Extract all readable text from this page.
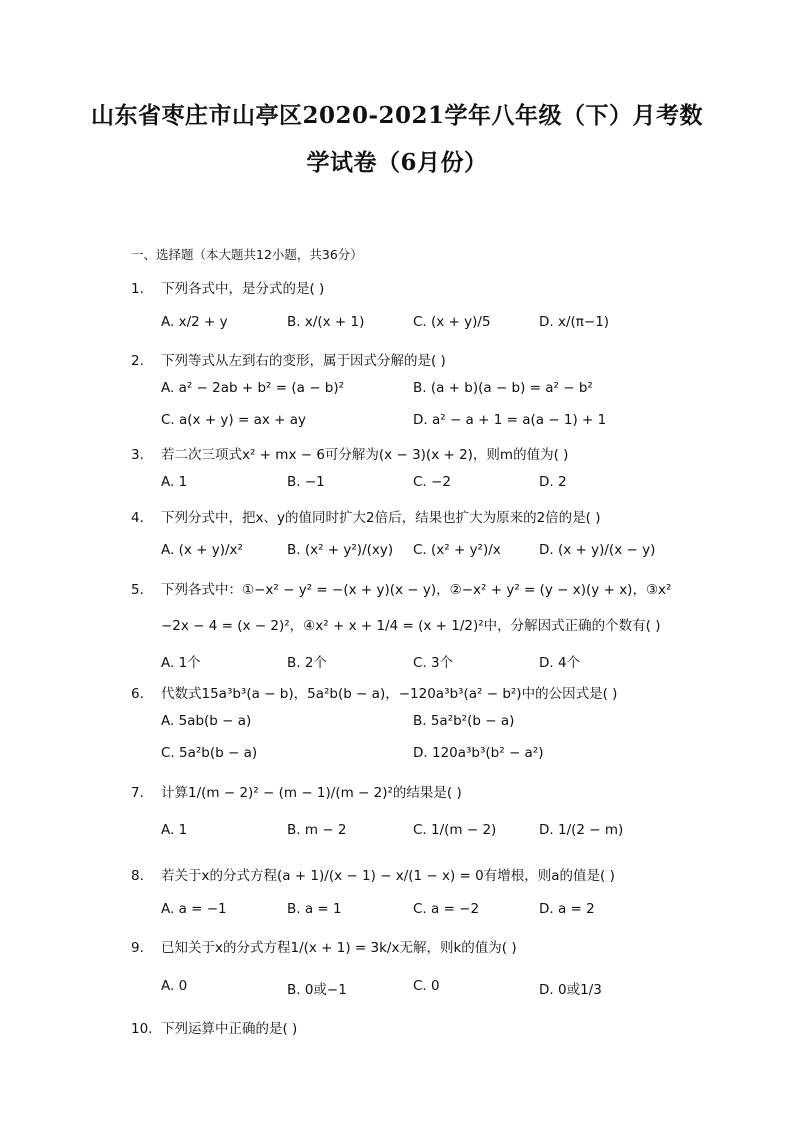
山东省枣庄市山亭区2020-2021学年八年级（下）月考数
学试卷（6月份）
一、选择题（本大题共12小题，共36分）
1. 下列各式中，是分式的是( )
A. x/2 + y	B. x/(x + 1)	C. (x + y)/5	D. x/(π−1)
2. 下列等式从左到右的变形，属于因式分解的是( )
A. a² − 2ab + b² = (a − b)²	B. (a + b)(a − b) = a² − b²
C. a(x + y) = ax + ay	D. a² − a + 1 = a(a − 1) + 1
3. 若二次三项式x² + mx − 6可分解为(x − 3)(x + 2)，则m的值为( )
A. 1	B. −1	C. −2	D. 2
4. 下列分式中，把x、y的值同时扩大2倍后，结果也扩大为原来的2倍的是( )
A. (x + y)/x²	B. (x² + y²)/(xy) C. (x² + y²)/x	D. (x + y)/(x − y)
5. 下列各式中：①−x² − y² = −(x + y)(x − y)，②−x² + y² = (y − x)(y + x)，③x²
−2x − 4 = (x − 2)²，④x² + x + 1/4 = (x + 1/2)²中，分解因式正确的个数有( )
A. 1个	B. 2个	C. 3个	D. 4个
6. 代数式15a³b³(a − b)，5a²b(b − a)，−120a³b³(a² − b²)中的公因式是( )
A. 5ab(b − a)	B. 5a²b²(b − a)
C. 5a²b(b − a)	D. 120a³b³(b² − a²)
7. 计算1/(m − 2)² − (m − 1)/(m − 2)²的结果是( )
A. 1	B. m − 2	C. 1/(m − 2)	D. 1/(2 − m)
8. 若关于x的分式方程(a + 1)/(x − 1) − x/(1 − x) = 0有增根，则a的值是( )
A. a = −1	B. a = 1	C. a = −2	D. a = 2
9. 已知关于x的分式方程1/(x + 1) = 3k/x无解，则k的值为( )
A. 0	B. 0或−1	C. 0	D. 0或1/3
10. 下列运算中正确的是( )
